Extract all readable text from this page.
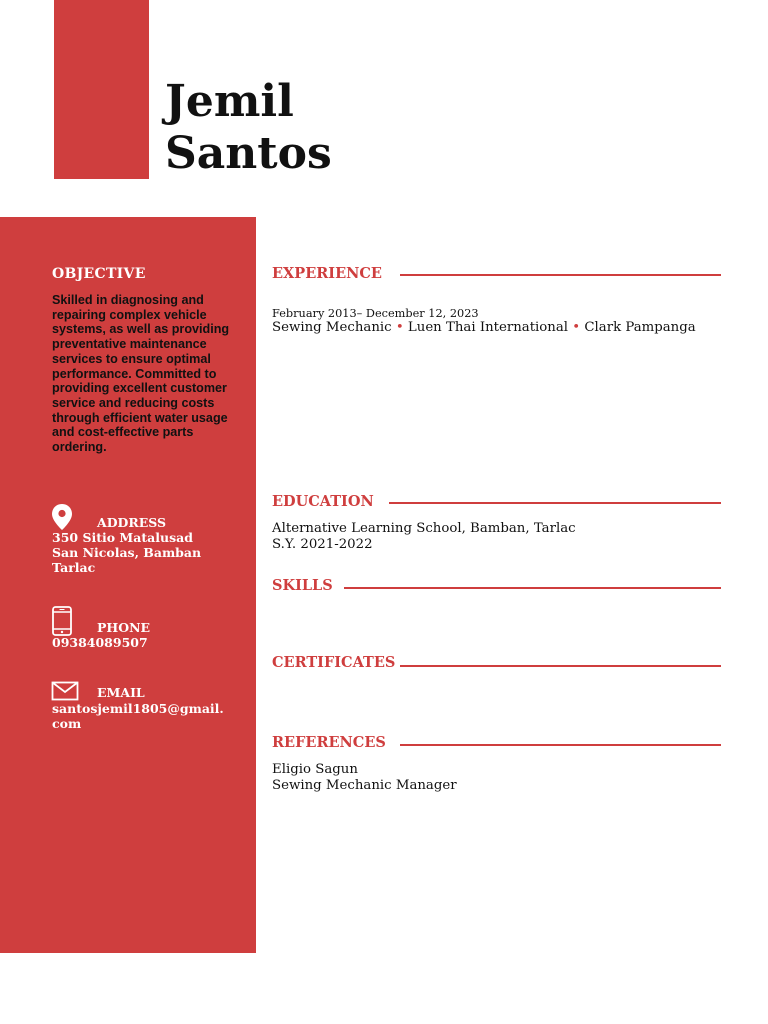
Jemil
Santos
OBJECTIVE

Skilled in diagnosing and repairing complex vehicle systems, as well as providing preventative maintenance services to ensure optimal performance. Committed to providing excellent customer service and reducing costs through efficient water usage and cost-effective parts ordering.

ADDRESS
350 Sitio Matalusad
San Nicolas, Bamban
Tarlac
PHONE
09384089507
EMAIL
santosjemil1805@gmail.com
EXPERIENCE

February 2013– December 12, 2023

Sewing Mechanic • Luen Thai International • Clark Pampanga

EDUCATION

Alternative Learning School, Bamban, Tarlac

S.Y. 2021-2022

SKILLS
CERTIFICATES
REFERENCES

Eligio Sagun

Sewing Mechanic Manager
